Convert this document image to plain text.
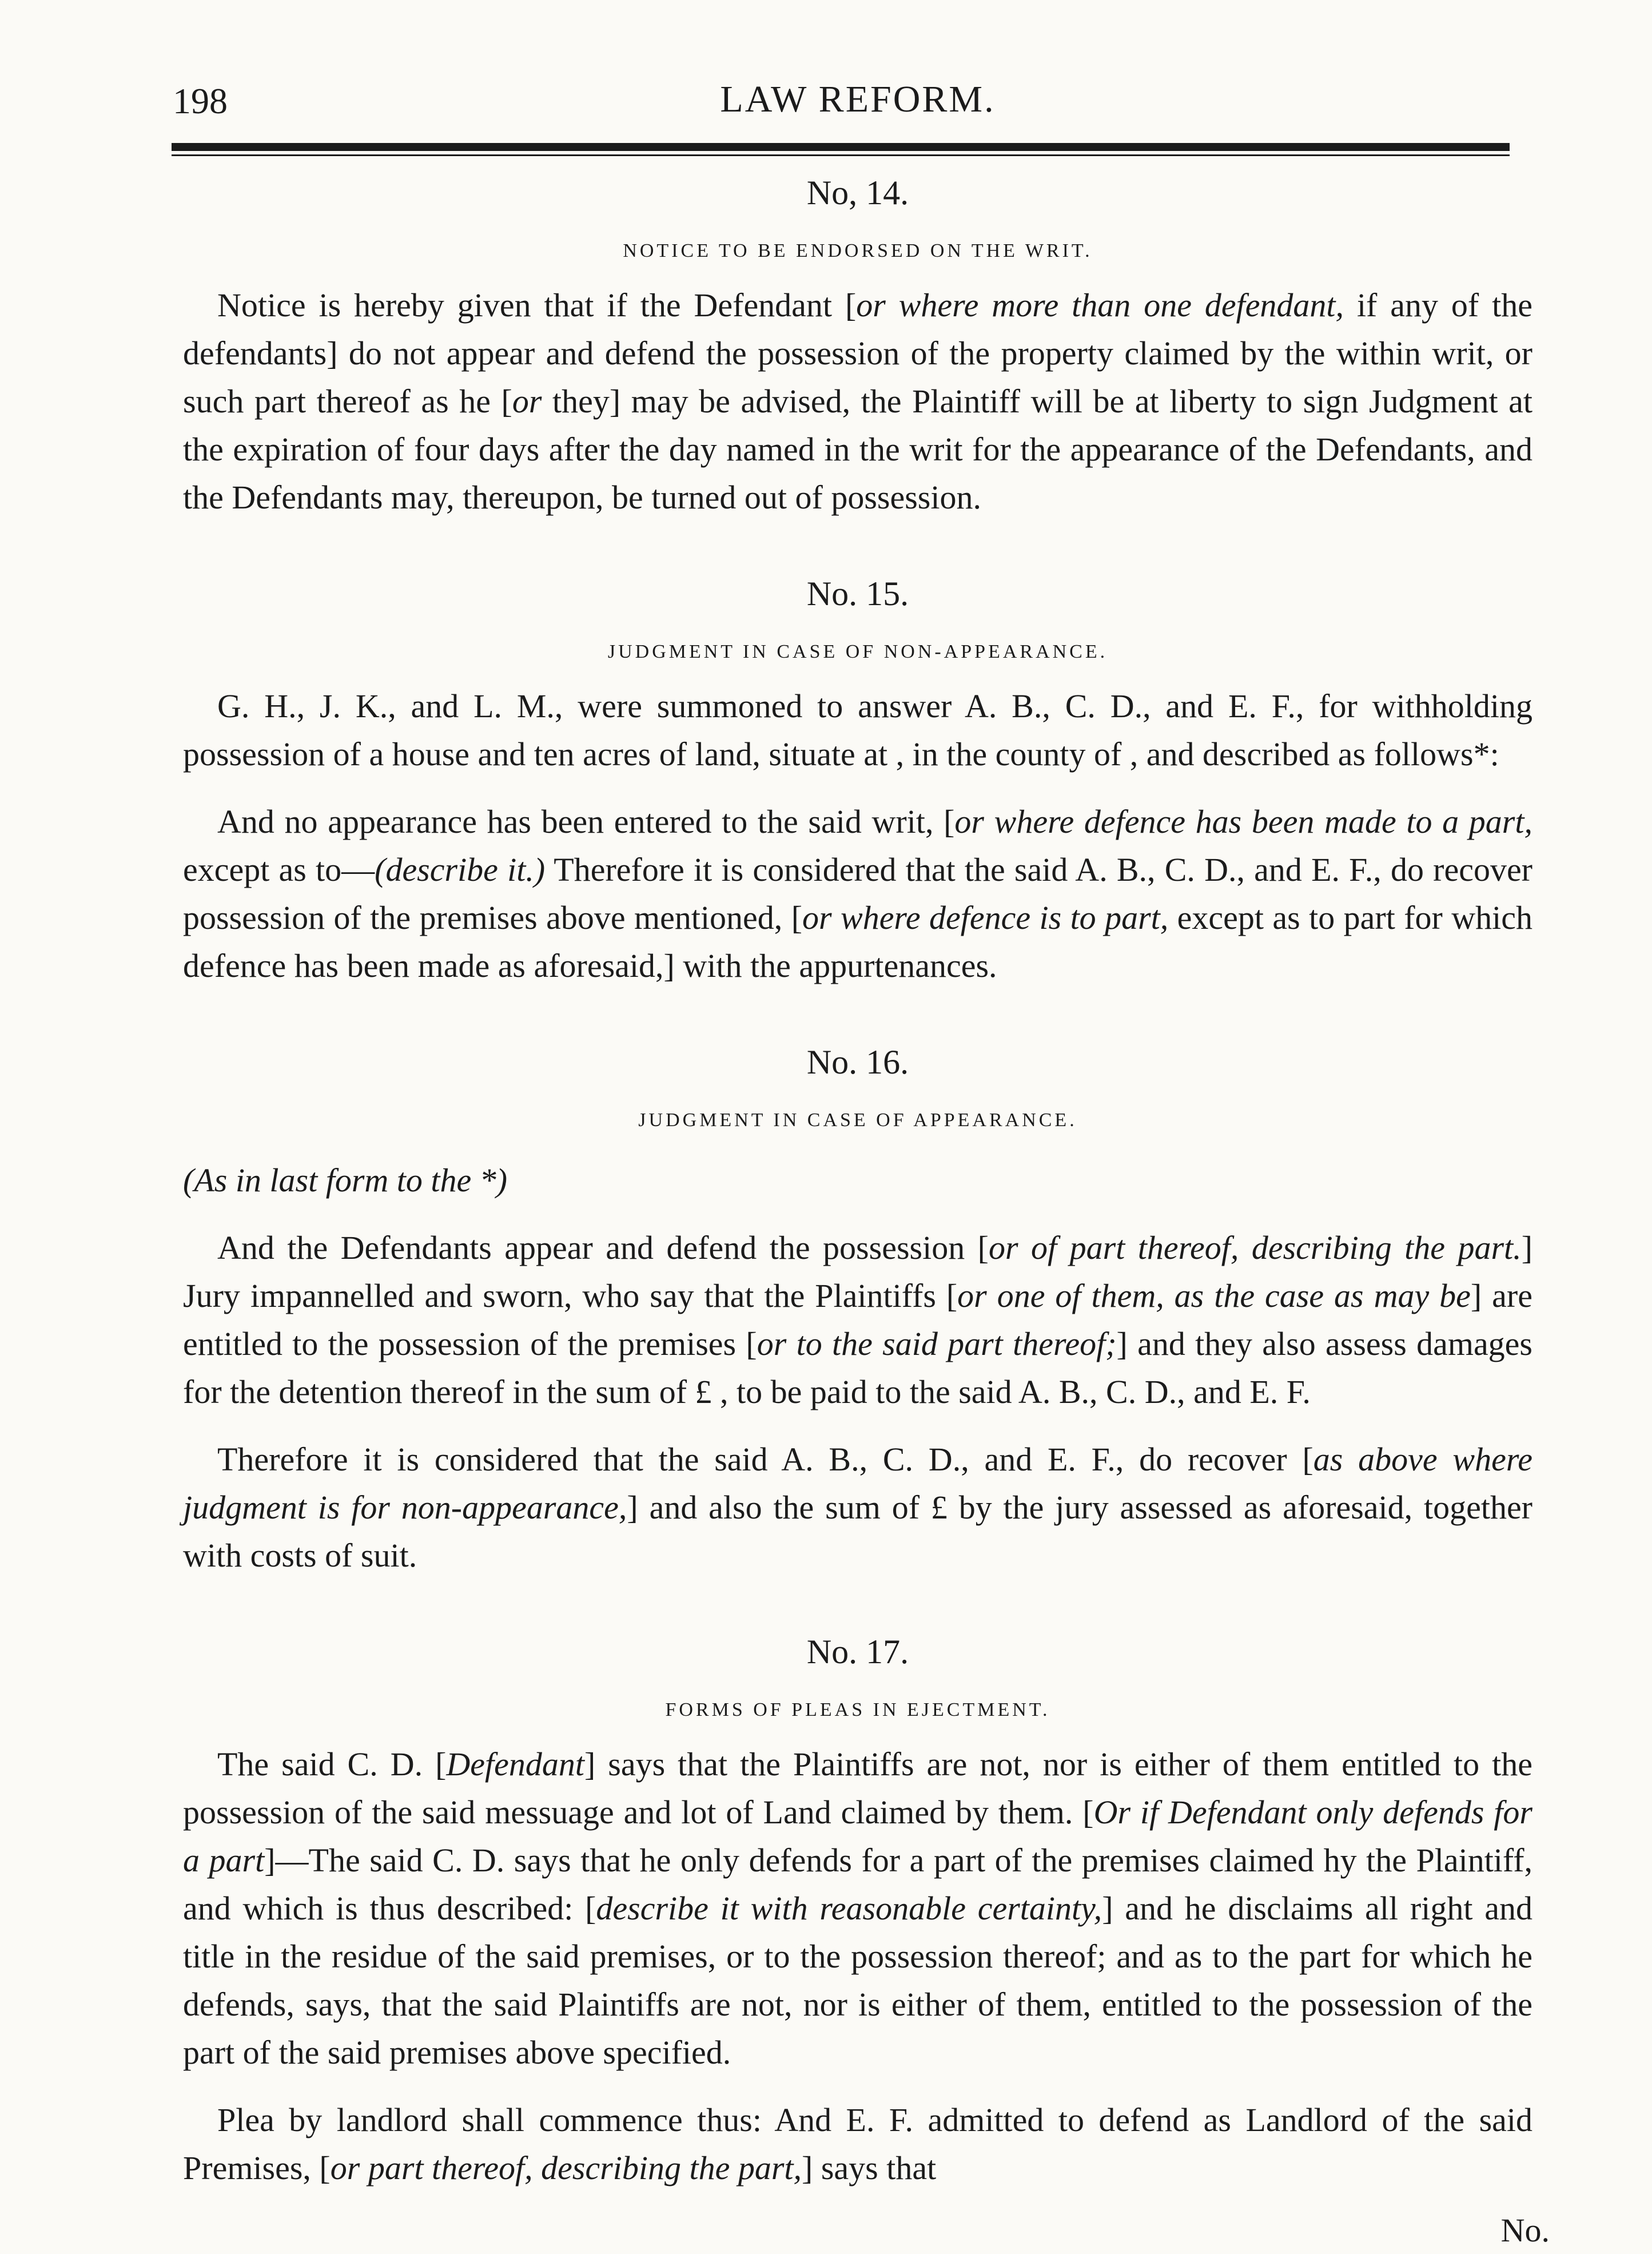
198	LAW REFORM.
No, 14.
NOTICE TO BE ENDORSED ON THE WRIT.

Notice is hereby given that if the Defendant [or where more than one defendant, if any of the defendants] do not appear and defend the possession of the property claimed by the within writ, or such part thereof as he [or they] may be advised, the Plaintiff will be at liberty to sign Judgment at the expiration of four days after the day named in the writ for the appearance of the Defendants, and the Defendants may, thereupon, be turned out of possession.

No. 15.
JUDGMENT IN CASE OF NON-APPEARANCE.

G. H., J. K., and L. M., were summoned to answer A. B., C. D., and E. F., for withholding possession of a house and ten acres of land, situate at , in the county of , and described as follows*:

And no appearance has been entered to the said writ, [or where defence has been made to a part, except as to—(describe it.) Therefore it is considered that the said A. B., C. D., and E. F., do recover possession of the premises above mentioned, [or where defence is to part, except as to part for which defence has been made as aforesaid,] with the appurtenances.

No. 16.
JUDGMENT IN CASE OF APPEARANCE.
(As in last form to the *)

And the Defendants appear and defend the possession [or of part thereof, describing the part.] Jury impannelled and sworn, who say that the Plaintiffs [or one of them, as the case as may be] are entitled to the possession of the premises [or to the said part thereof;] and they also assess damages for the detention thereof in the sum of £ , to be paid to the said A. B., C. D., and E. F.

Therefore it is considered that the said A. B., C. D., and E. F., do recover [as above where judgment is for non-appearance,] and also the sum of £ by the jury assessed as aforesaid, together with costs of suit.

No. 17.
FORMS OF PLEAS IN EJECTMENT.

The said C. D. [Defendant] says that the Plaintiffs are not, nor is either of them entitled to the possession of the said messuage and lot of Land claimed by them. [Or if Defendant only defends for a part]—The said C. D. says that he only defends for a part of the premises claimed hy the Plaintiff, and which is thus described: [describe it with reasonable certainty,] and he disclaims all right and title in the residue of the said premises, or to the possession thereof; and as to the part for which he defends, says, that the said Plaintiffs are not, nor is either of them, entitled to the possession of the part of the said premises above specified.

Plea by landlord shall commence thus: And E. F. admitted to defend as Landlord of the said Premises, [or part thereof, describing the part,] says that

No.
